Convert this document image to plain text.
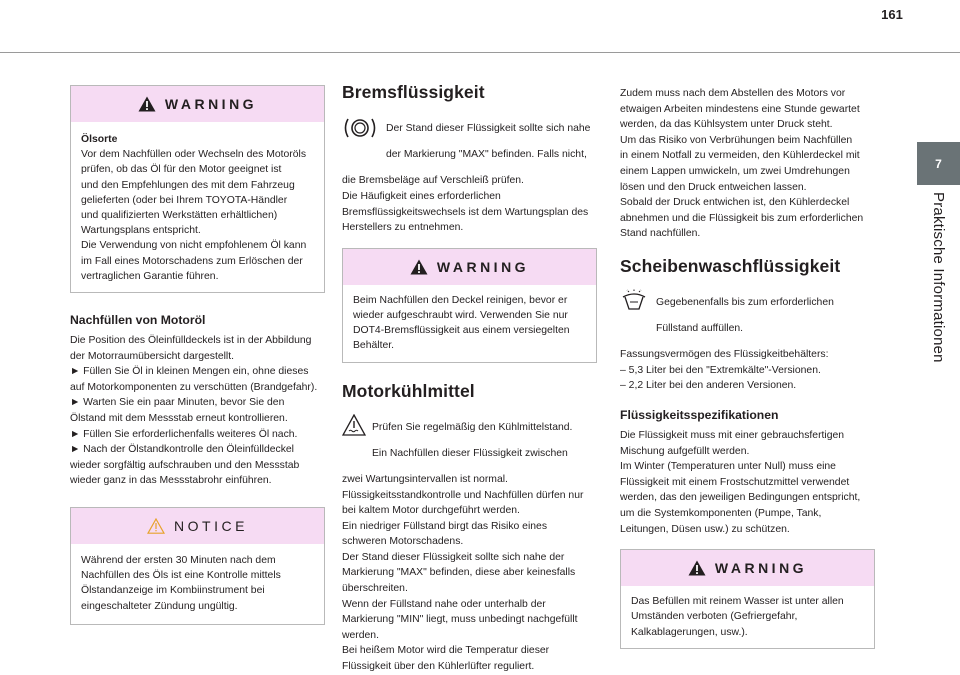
161
7
Praktische Informationen
WARNING

Ölsorte

Vor dem Nachfüllen oder Wechseln des Motoröls

prüfen, ob das Öl für den Motor geeignet ist

und den Empfehlungen des mit dem Fahrzeug

gelieferten (oder bei Ihrem TOYOTA-Händler

und qualifizierten Werkstätten erhältlichen)

Wartungsplans entspricht.

Die Verwendung von nicht empfohlenem Öl kann

im Fall eines Motorschadens zum Erlöschen der

vertraglichen Garantie führen.

Nachfüllen von Motoröl

Die Position des Öleinfülldeckels ist in der Abbildung

der Motorraumübersicht dargestellt.

► Füllen Sie Öl in kleinen Mengen ein, ohne dieses

auf Motorkomponenten zu verschütten (Brandgefahr).

► Warten Sie ein paar Minuten, bevor Sie den

Ölstand mit dem Messstab erneut kontrollieren.

► Füllen Sie erforderlichenfalls weiteres Öl nach.

► Nach der Ölstandkontrolle den Öleinfülldeckel

wieder sorgfältig aufschrauben und den Messstab

wieder ganz in das Messstabrohr einführen.

NOTICE

Während der ersten 30 Minuten nach dem

Nachfüllen des Öls ist eine Kontrolle mittels

Ölstandanzeige im Kombiinstrument bei

eingeschalteter Zündung ungültig.

Bremsflüssigkeit

Der Stand dieser Flüssigkeit sollte sich nahe

der Markierung "MAX" befinden. Falls nicht,

die Bremsbeläge auf Verschleiß prüfen.

Die Häufigkeit eines erforderlichen

Bremsflüssigkeitswechsels ist dem Wartungsplan des

Herstellers zu entnehmen.

WARNING

Beim Nachfüllen den Deckel reinigen, bevor er

wieder aufgeschraubt wird. Verwenden Sie nur

DOT4-Bremsflüssigkeit aus einem versiegelten

Behälter.

Motorkühlmittel

Prüfen Sie regelmäßig den Kühlmittelstand.

Ein Nachfüllen dieser Flüssigkeit zwischen

zwei Wartungsintervallen ist normal.

Flüssigkeitsstandkontrolle und Nachfüllen dürfen nur

bei kaltem Motor durchgeführt werden.

Ein niedriger Füllstand birgt das Risiko eines

schweren Motorschadens.

Der Stand dieser Flüssigkeit sollte sich nahe der

Markierung "MAX" befinden, diese aber keinesfalls

überschreiten.

Wenn der Füllstand nahe oder unterhalb der

Markierung "MIN" liegt, muss unbedingt nachgefüllt

werden.

Bei heißem Motor wird die Temperatur dieser

Flüssigkeit über den Kühlerlüfter reguliert.

Zudem muss nach dem Abstellen des Motors vor

etwaigen Arbeiten mindestens eine Stunde gewartet

werden, da das Kühlsystem unter Druck steht.

Um das Risiko von Verbrühungen beim Nachfüllen

in einem Notfall zu vermeiden, den Kühlerdeckel mit

einem Lappen umwickeln, um zwei Umdrehungen

lösen und den Druck entweichen lassen.

Sobald der Druck entwichen ist, den Kühlerdeckel

abnehmen und die Flüssigkeit bis zum erforderlichen

Stand nachfüllen.

Scheibenwaschflüssigkeit

Gegebenenfalls bis zum erforderlichen

Füllstand auffüllen.

Fassungsvermögen des Flüssigkeitbehälters:

– 5,3 Liter bei den "Extremkälte"-Versionen.

– 2,2 Liter bei den anderen Versionen.

Flüssigkeitsspezifikationen

Die Flüssigkeit muss mit einer gebrauchsfertigen

Mischung aufgefüllt werden.

Im Winter (Temperaturen unter Null) muss eine

Flüssigkeit mit einem Frostschutzmittel verwendet

werden, das den jeweiligen Bedingungen entspricht,

um die Systemkomponenten (Pumpe, Tank,

Leitungen, Düsen usw.) zu schützen.

WARNING

Das Befüllen mit reinem Wasser ist unter allen

Umständen verboten (Gefriergefahr,

Kalkablagerungen, usw.).
